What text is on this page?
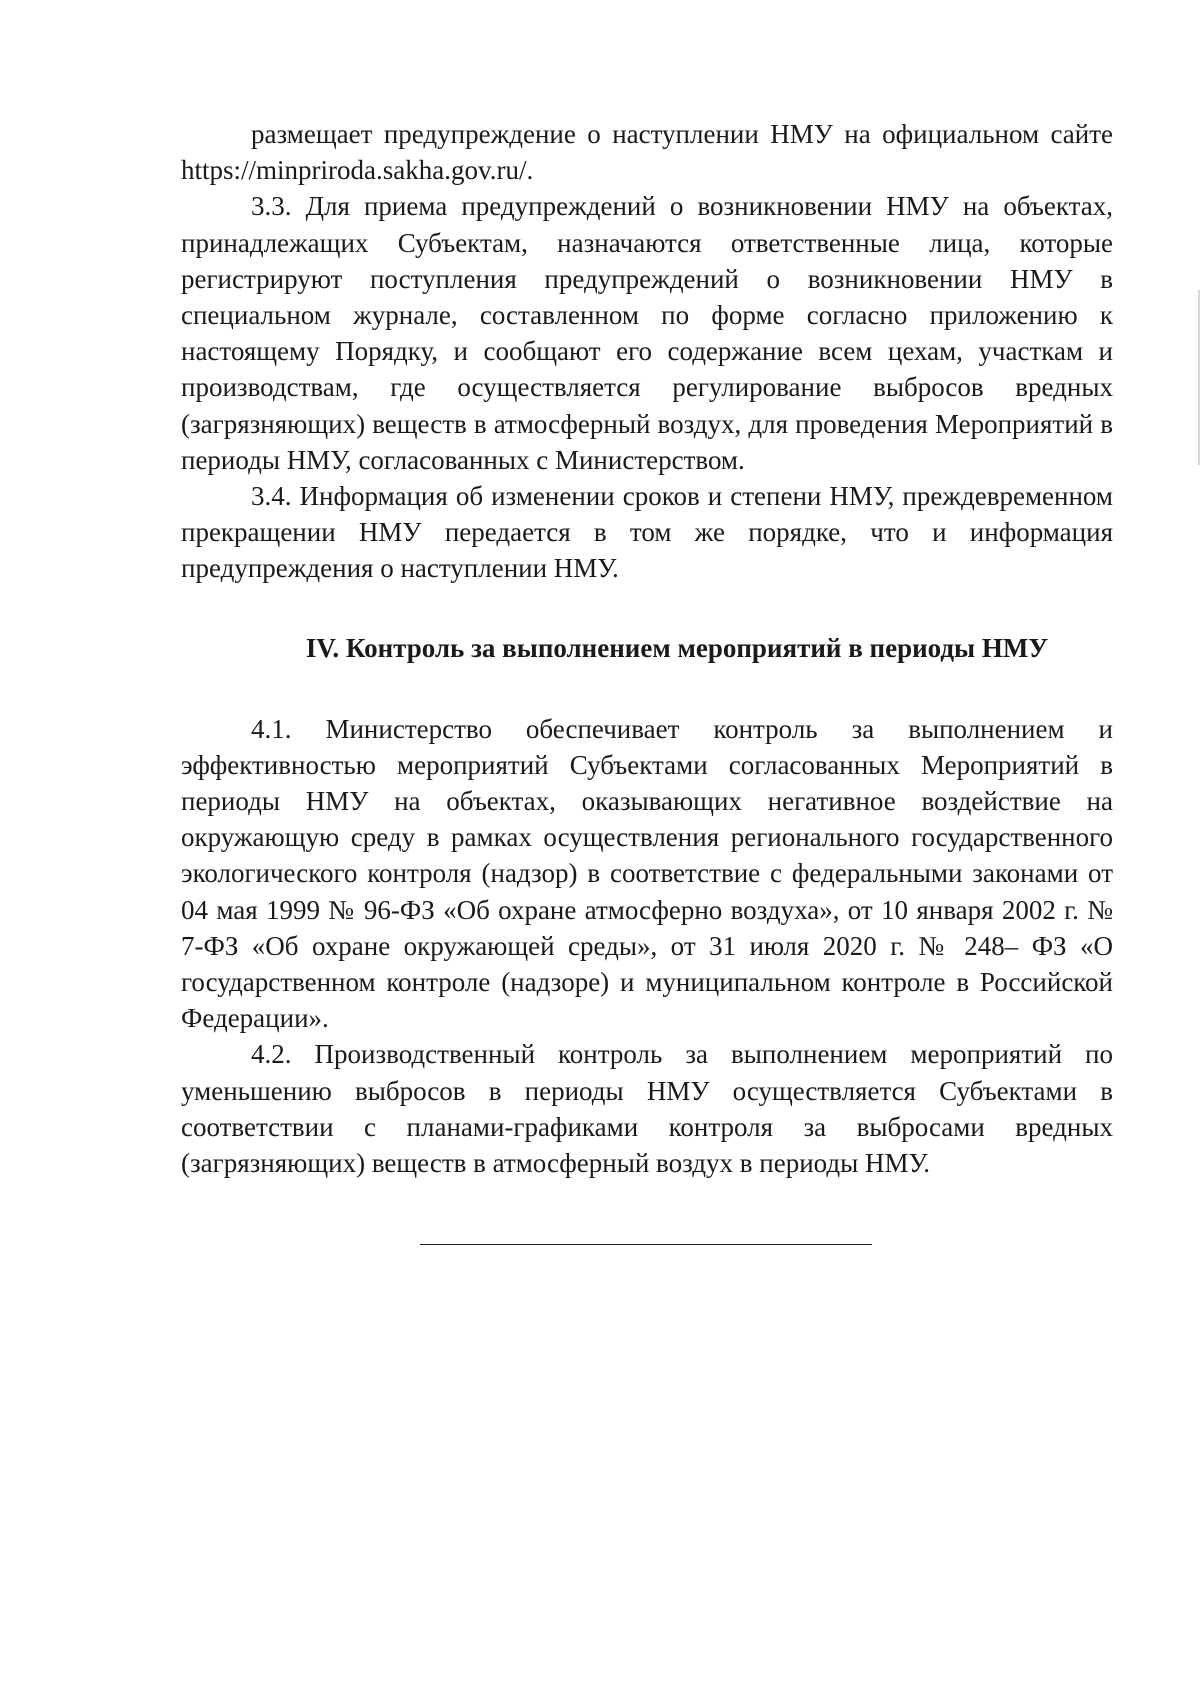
размещает предупреждение о наступлении НМУ на официальном сайте https://minpriroda.sakha.gov.ru/.

3.3. Для приема предупреждений о возникновении НМУ на объектах, принадлежащих Субъектам, назначаются ответственные лица, которые регистрируют поступления предупреждений о возникновении НМУ в специальном журнале, составленном по форме согласно приложению к настоящему Порядку, и сообщают его содержание всем цехам, участкам и производствам, где осуществляется регулирование выбросов вредных (загрязняющих) веществ в атмосферный воздух, для проведения Мероприятий в периоды НМУ, согласованных с Министерством.

3.4. Информация об изменении сроков и степени НМУ, преждевременном прекращении НМУ передается в том же порядке, что и информация предупреждения о наступлении НМУ.

IV. Контроль за выполнением мероприятий в периоды НМУ

4.1. Министерство обеспечивает контроль за выполнением и эффективностью мероприятий Субъектами согласованных Мероприятий в периоды НМУ на объектах, оказывающих негативное воздействие на окружающую среду в рамках осуществления регионального государственного экологического контроля (надзор) в соответствие с федеральными законами от 04 мая 1999 № 96-ФЗ «Об охране атмосферно воздуха», от 10 января 2002 г. № 7-ФЗ «Об охране окружающей среды», от 31 июля 2020 г. № 248– ФЗ «О государственном контроле (надзоре) и муниципальном контроле в Российской Федерации».

4.2. Производственный контроль за выполнением мероприятий по уменьшению выбросов в периоды НМУ осуществляется Субъектами в соответствии с планами-графиками контроля за выбросами вредных (загрязняющих) веществ в атмосферный воздух в периоды НМУ.
